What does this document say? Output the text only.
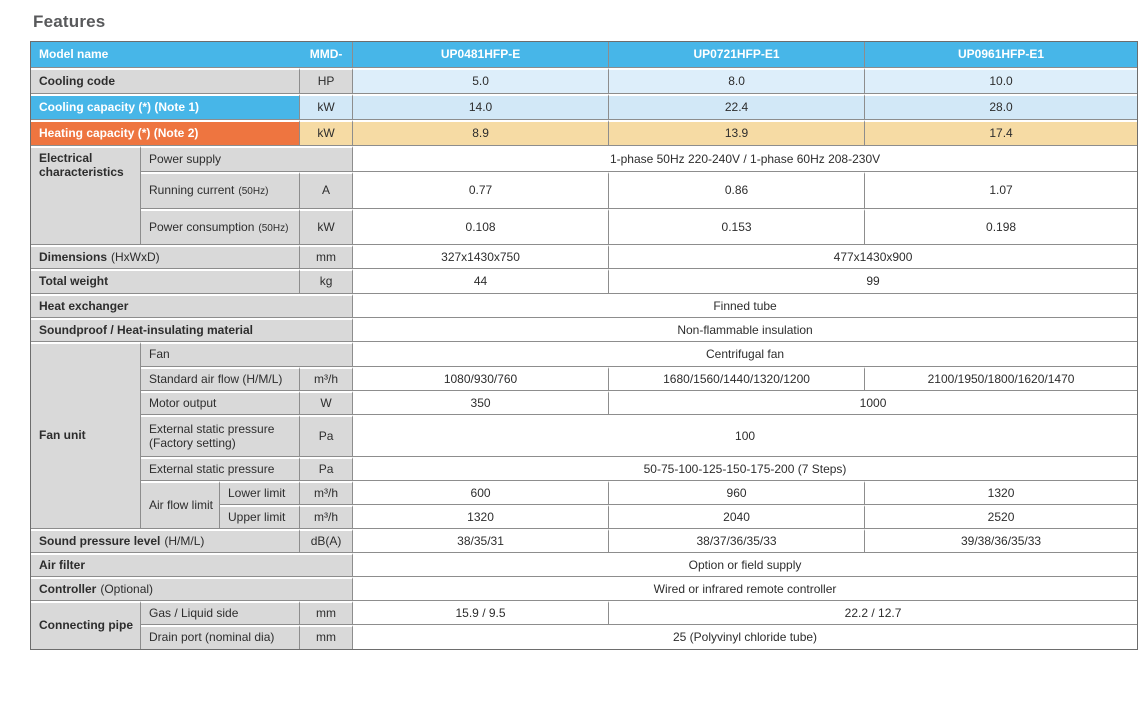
Features
Model name			MMD-	UP0481HFP-E	UP0721HFP-E1	UP0961HFP-E1
Cooling code			HP	5.0	8.0	10.0
Cooling capacity (*) (Note 1)			kW	14.0	22.4	28.0
Heating capacity (*) (Note 2)			kW	8.9	13.9	17.4
Electrical characteristics	Power supply			1-phase 50Hz 220-240V / 1-phase 60Hz 208-230V		
	Running current (50Hz)		A	0.77	0.86	1.07
	Power consumption (50Hz)		kW	0.108	0.153	0.198
Dimensions (HxWxD)			mm	327x1430x750	477x1430x900	
Total weight			kg	44	99	
Heat exchanger				Finned tube		
Soundproof / Heat-insulating material				Non-flammable insulation		
Fan unit	Fan			Centrifugal fan		
	Standard air flow (H/M/L)		m³/h	1080/930/760	1680/1560/1440/1320/1200	2100/1950/1800/1620/1470
	Motor output		W	350	1000	
	External static pressure (Factory setting)		Pa	100		
	External static pressure		Pa	50-75-100-125-150-175-200 (7 Steps)		
	Air flow limit	Lower limit	m³/h	600	960	1320
		Upper limit	m³/h	1320	2040	2520
Sound pressure level (H/M/L)			dB(A)	38/35/31	38/37/36/35/33	39/38/36/35/33
Air filter				Option or field supply		
Controller (Optional)				Wired or infrared remote controller		
Connecting pipe	Gas / Liquid side		mm	15.9 / 9.5	22.2 / 12.7	
	Drain port (nominal dia)		mm	25 (Polyvinyl chloride tube)		
